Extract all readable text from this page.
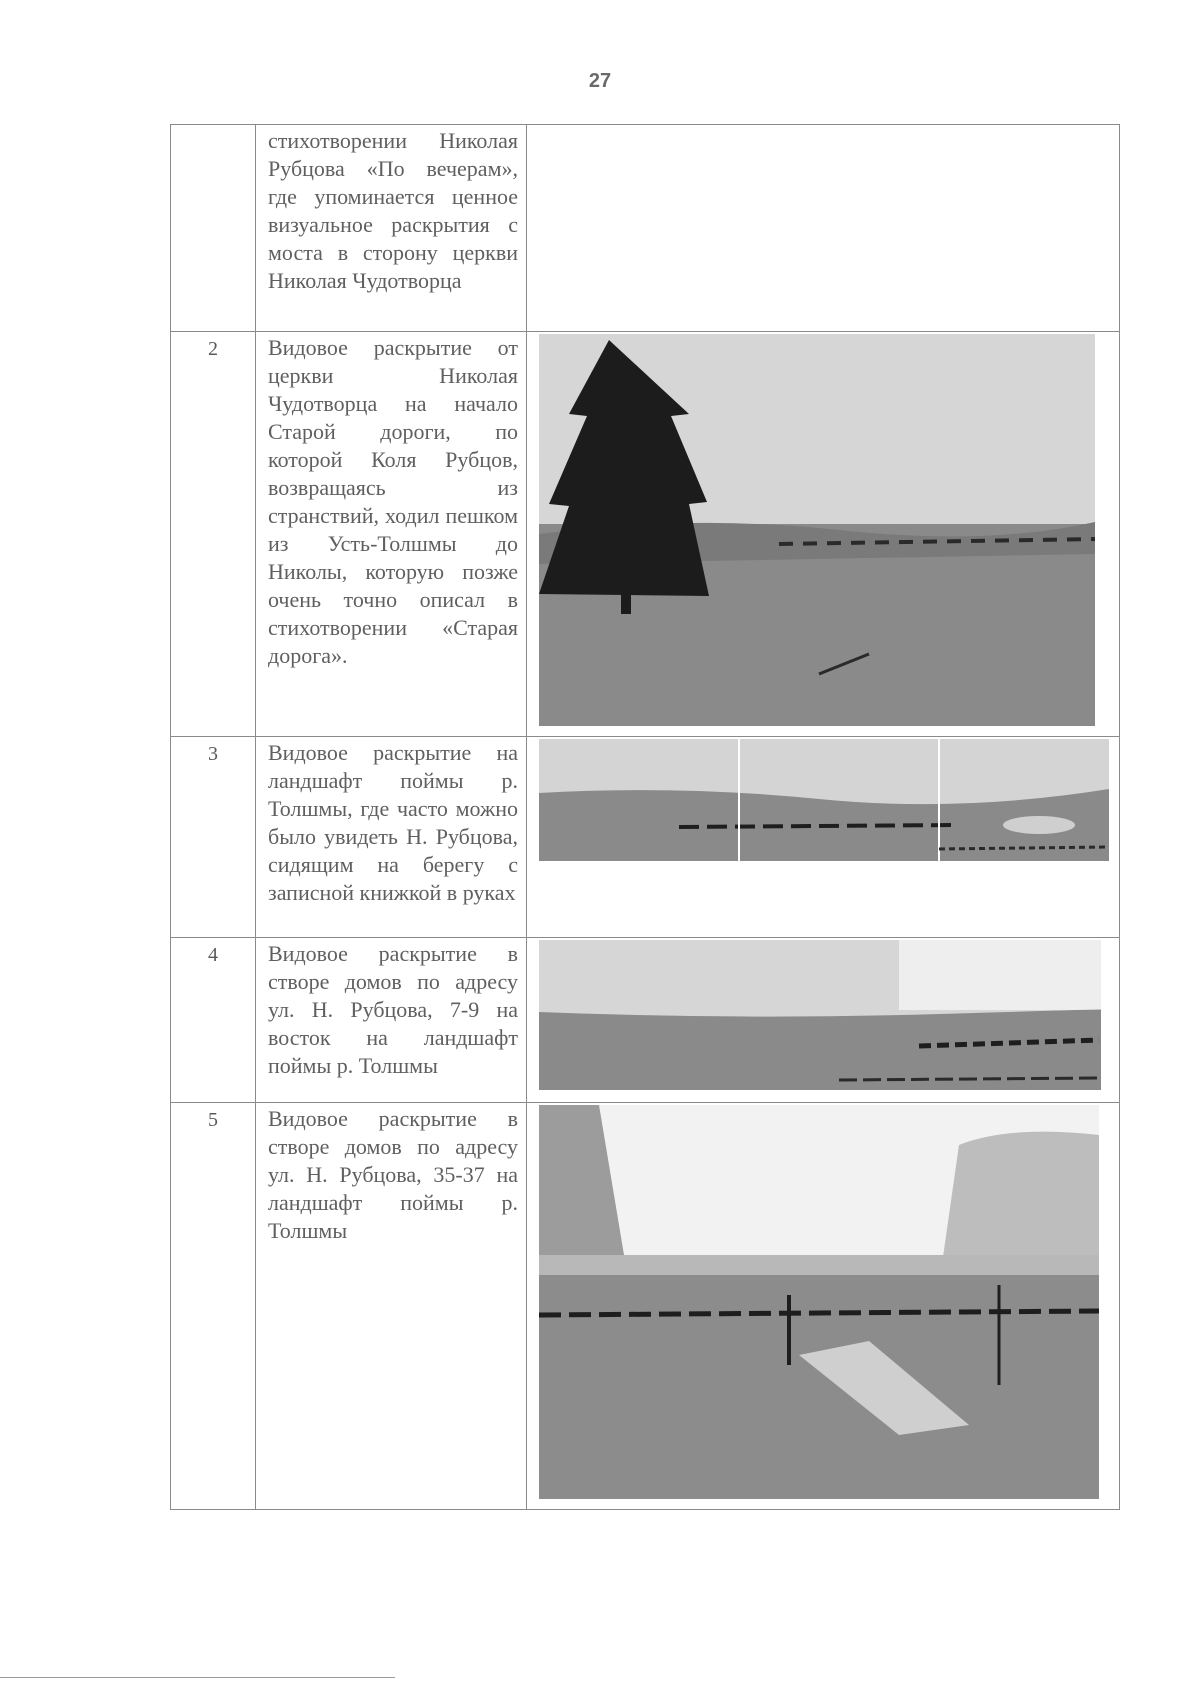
27

	стихотворении Николая Рубцова «По вечерам», где упоминается ценное визуальное раскрытия с моста в сторону церкви Николая Чудотворца	

2	Видовое раскрытие от церкви Николая Чудотворца на начало Старой дороги, по которой Коля Рубцов, возвращаясь из странствий, ходил пешком из Усть-Толшмы до Николы, которую позже очень точно описал в стихотворении «Старая дорога».

3	Видовое раскрытие на ландшафт поймы р. Толшмы, где часто можно было увидеть Н. Рубцова, сидящим на берегу с записной книжкой в руках

4	Видовое раскрытие в створе домов по адресу ул. Н. Рубцова, 7-9 на восток на ландшафт поймы р. Толшмы

5	Видовое раскрытие в створе домов по адресу ул. Н. Рубцова, 35-37 на ландшафт поймы р. Толшмы
